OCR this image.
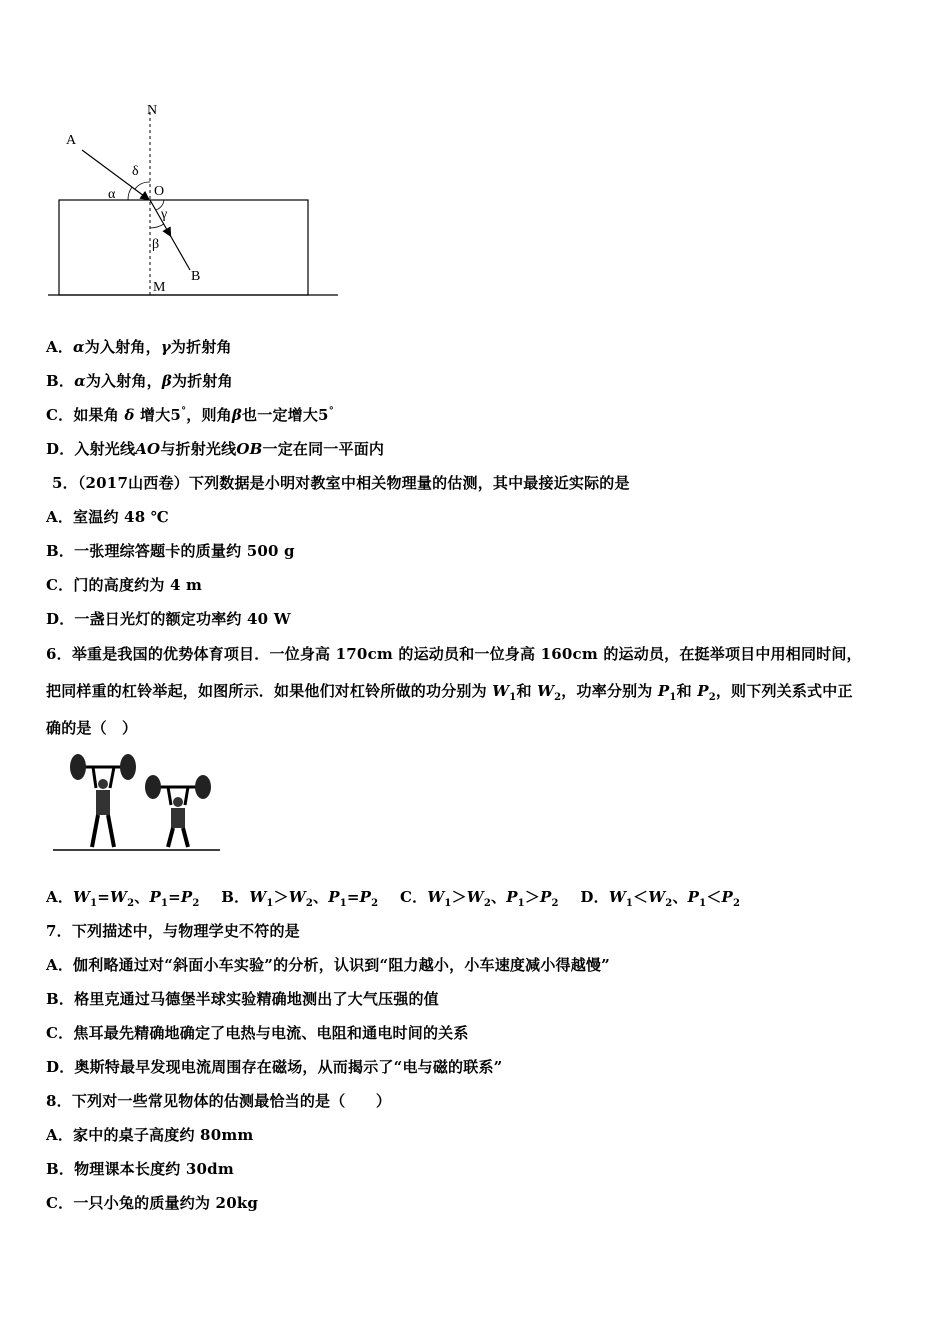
N
A
δ
α	O
γ
β
B
M
A．α为入射角，γ为折射角
B．α为入射角，β为折射角
C．如果角 δ 增大5°，则角β也一定增大5°
D．入射光线AO与折射光线OB一定在同一平面内
5．（2017山西卷）下列数据是小明对教室中相关物理量的估测，其中最接近实际的是
A．室温约 48 ℃
B．一张理综答题卡的质量约 500 g
C．门的高度约为 4 m
D．一盏日光灯的额定功率约 40 W
6．举重是我国的优势体育项目．一位身高 170cm 的运动员和一位身高 160cm 的运动员，在挺举项目中用相同时间，
把同样重的杠铃举起，如图所示．如果他们对杠铃所做的功分别为 $W_1$和 $W_2$，功率分别为 $P_1$和 $P_2$，则下列关系式中正
确的是（　）
A．$W_1=W_2$、$P_1=P_2$ B．$W_1>W_2$、$P_1=P_2$ C．$W_1>W_2$、$P_1>P_2$ D．$W_1<W_2$、$P_1<P_2$
7．下列描述中，与物理学史不符的是
A．伽利略通过对“斜面小车实验”的分析，认识到“阻力越小，小车速度减小得越慢”
B．格里克通过马德堡半球实验精确地测出了大气压强的值
C．焦耳最先精确地确定了电热与电流、电阻和通电时间的关系
D．奥斯特最早发现电流周围存在磁场，从而揭示了“电与磁的联系”
8．下列对一些常见物体的估测最恰当的是（　　）
A．家中的桌子高度约 80mm
B．物理课本长度约 30dm
C．一只小兔的质量约为 20kg
